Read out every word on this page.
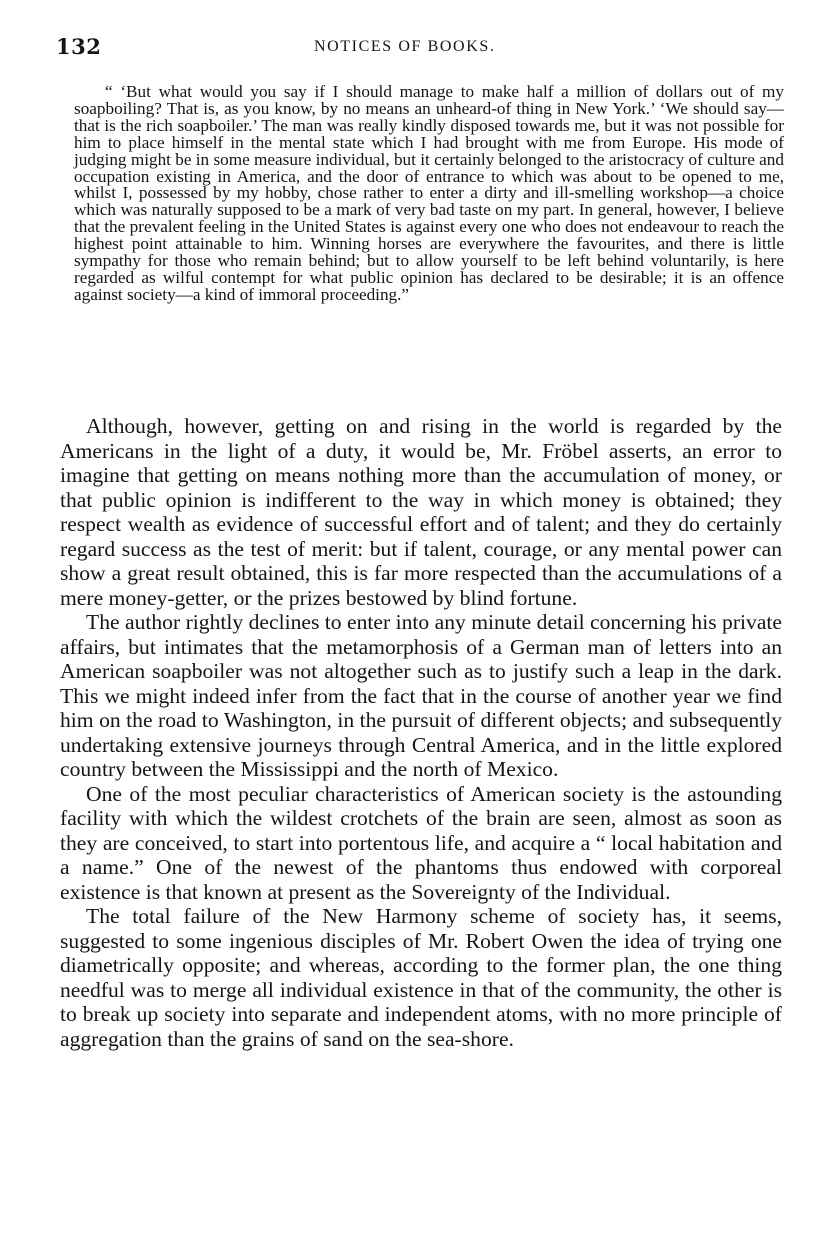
132	NOTICES OF BOOKS.

“ ‘But what would you say if I should manage to make half a million of dollars out of my soapboiling? That is, as you know, by no means an unheard-of thing in New York.’ ‘We should say—that is the rich soapboiler.’ The man was really kindly disposed towards me, but it was not possible for him to place himself in the mental state which I had brought with me from Europe. His mode of judging might be in some measure individual, but it certainly belonged to the aristocracy of culture and occupation existing in America, and the door of entrance to which was about to be opened to me, whilst I, possessed by my hobby, chose rather to enter a dirty and ill-smelling workshop—a choice which was naturally supposed to be a mark of very bad taste on my part. In general, however, I believe that the prevalent feeling in the United States is against every one who does not endeavour to reach the highest point attainable to him. Winning horses are everywhere the favourites, and there is little sympathy for those who remain behind; but to allow yourself to be left behind voluntarily, is here regarded as wilful contempt for what public opinion has declared to be desirable; it is an offence against society—a kind of immoral proceeding.”

Although, however, getting on and rising in the world is regarded by the Americans in the light of a duty, it would be, Mr. Fröbel asserts, an error to imagine that getting on means nothing more than the accumulation of money, or that public opinion is indifferent to the way in which money is obtained; they respect wealth as evidence of successful effort and of talent; and they do certainly regard success as the test of merit: but if talent, courage, or any mental power can show a great result obtained, this is far more respected than the accumulations of a mere money-getter, or the prizes bestowed by blind fortune.

The author rightly declines to enter into any minute detail concerning his private affairs, but intimates that the metamorphosis of a German man of letters into an American soapboiler was not altogether such as to justify such a leap in the dark. This we might indeed infer from the fact that in the course of another year we find him on the road to Washington, in the pursuit of different objects; and subsequently undertaking extensive journeys through Central America, and in the little explored country between the Mississippi and the north of Mexico.

One of the most peculiar characteristics of American society is the astounding facility with which the wildest crotchets of the brain are seen, almost as soon as they are conceived, to start into portentous life, and acquire a “ local habitation and a name.” One of the newest of the phantoms thus endowed with corporeal existence is that known at present as the Sovereignty of the Individual.

The total failure of the New Harmony scheme of society has, it seems, suggested to some ingenious disciples of Mr. Robert Owen the idea of trying one diametrically opposite; and whereas, according to the former plan, the one thing needful was to merge all individual existence in that of the community, the other is to break up society into separate and independent atoms, with no more principle of aggregation than the grains of sand on the sea-shore.
